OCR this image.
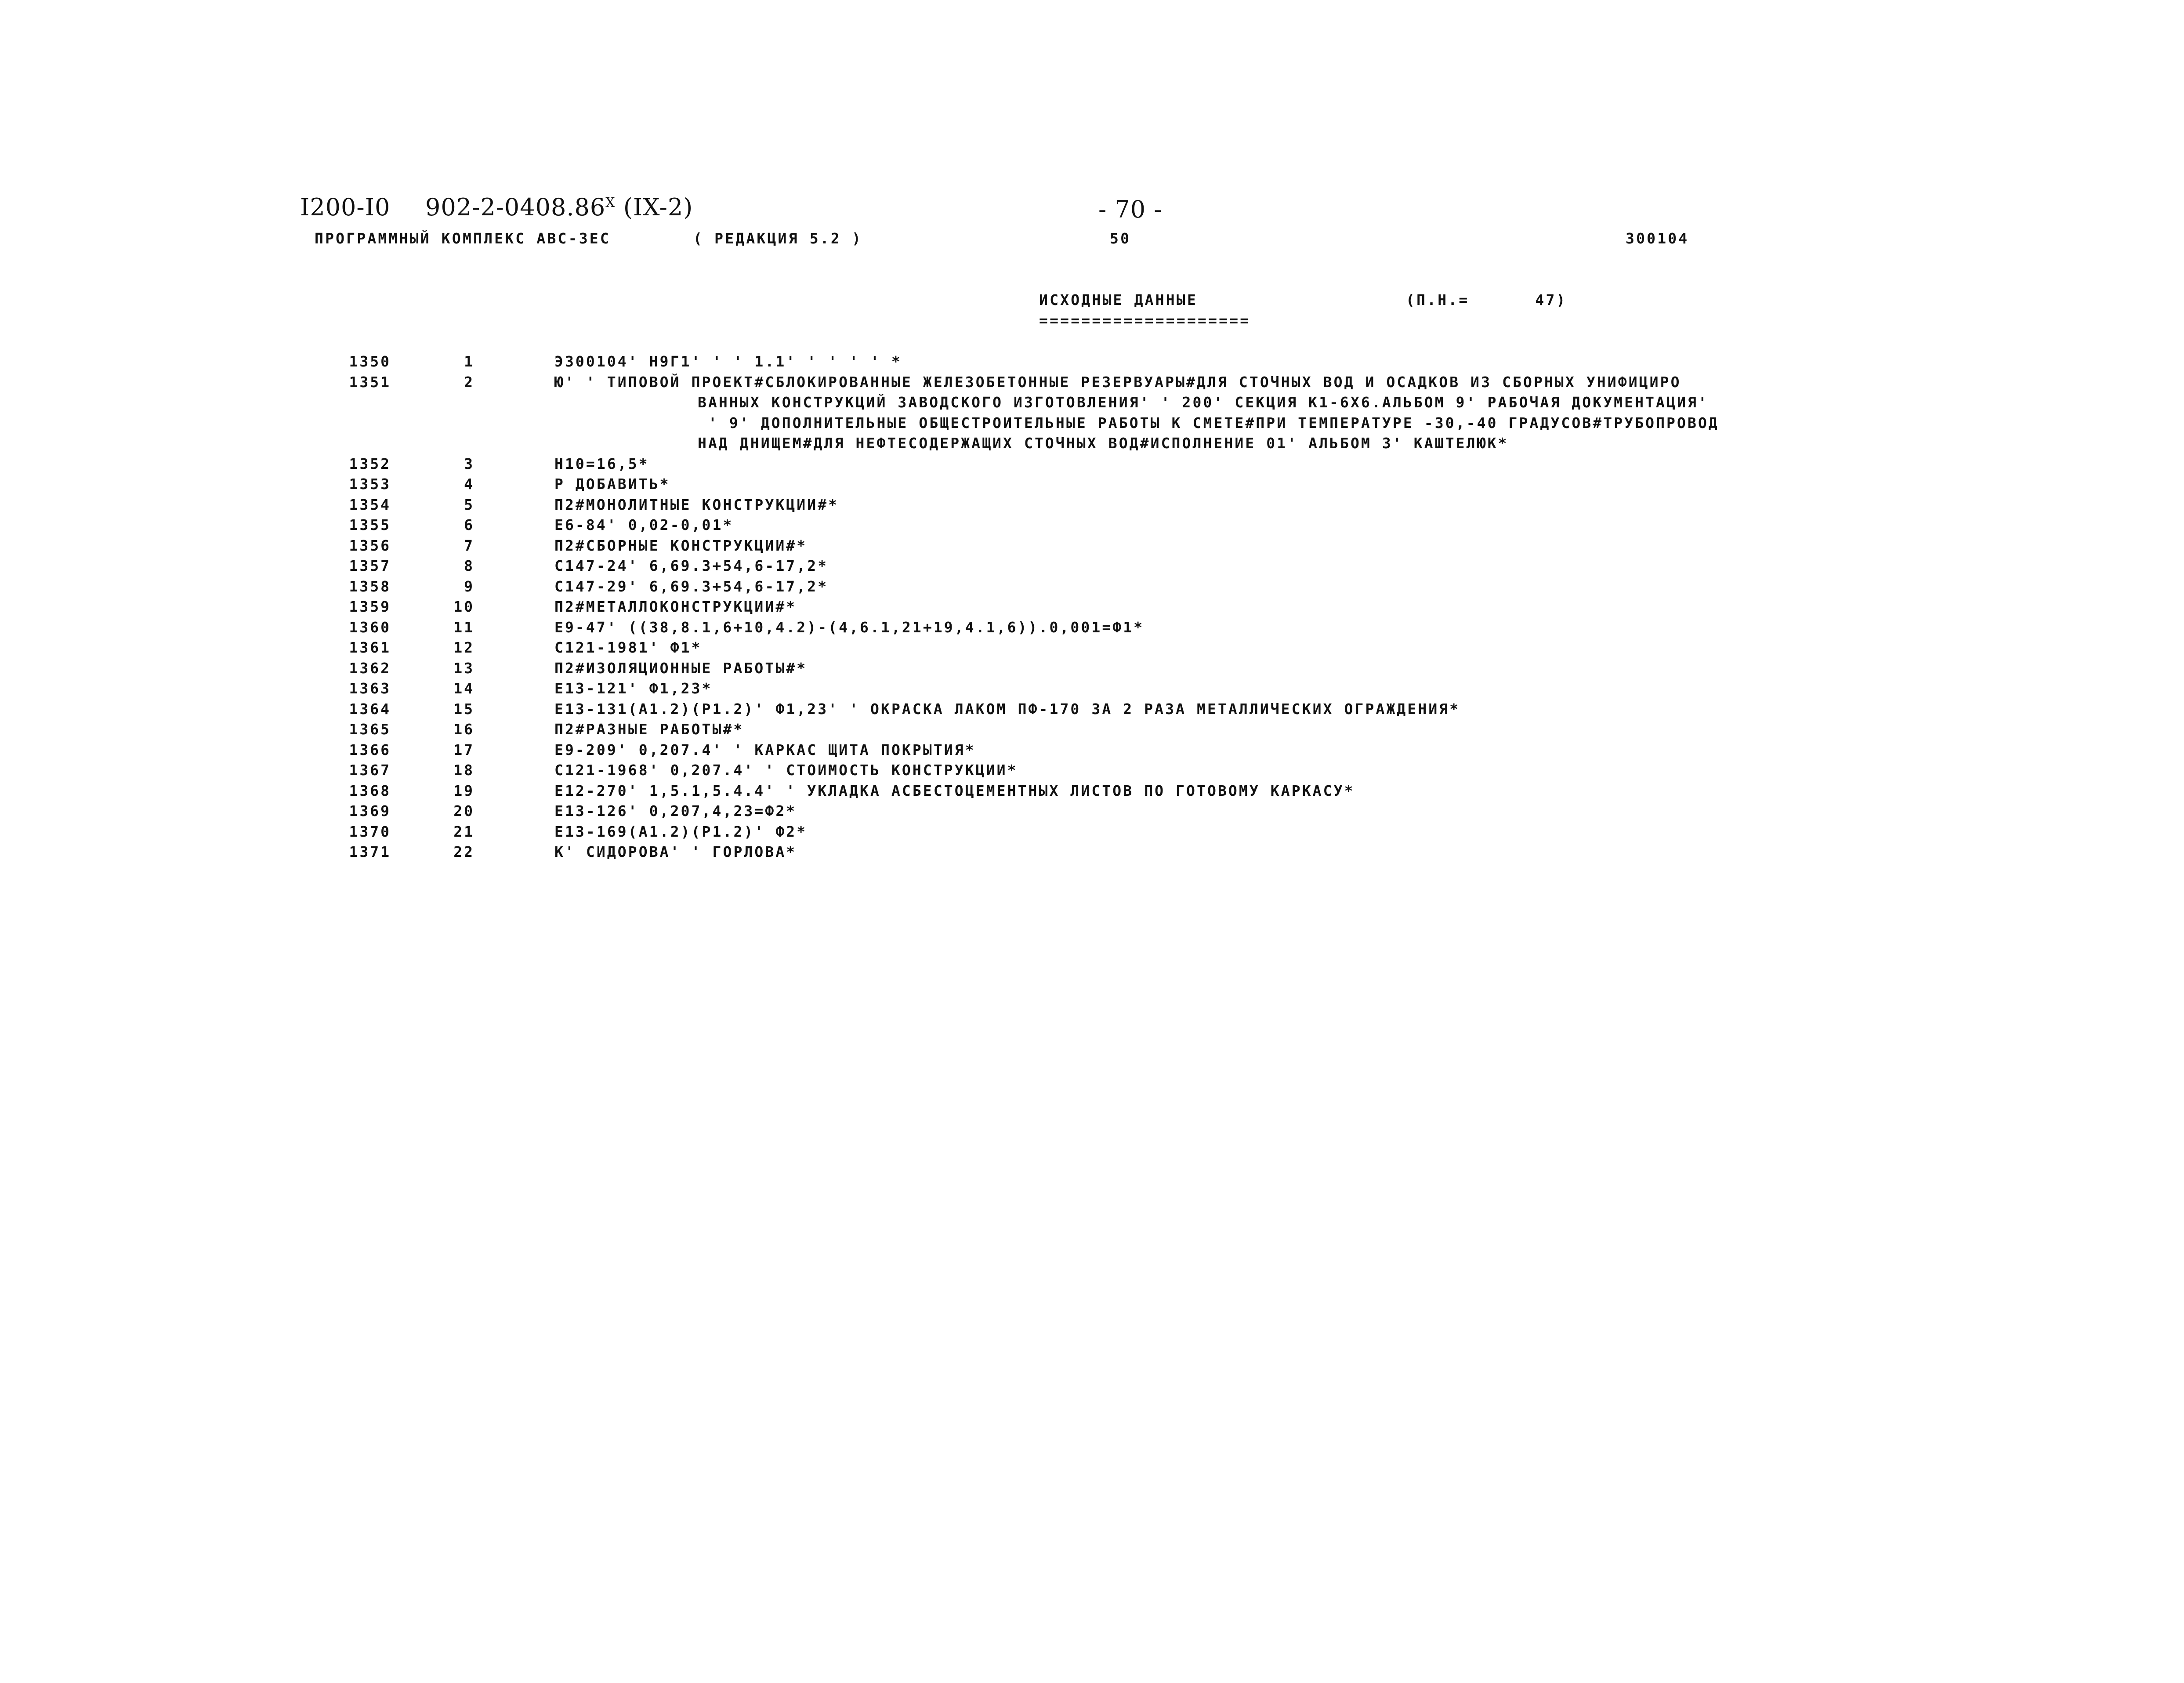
I200-I0 $902-2-0408.86^X$ (IX-2)	- 70 -
ПРОГРАММНЫЙ КОМПЛЕКС АВС-3ЕС	( РЕДАКЦИЯ 5.2 )	50	300104
ИСХОДНЫЕ ДАННЫЕ
====================
(П.Н.=	47)
1350	1	Э300104' Н9Г1' ' ' 1.1' ' ' ' ' *
1351	2	Ю' ' ТИПОВОЙ ПРОЕКТ#СБЛОКИРОВАННЫЕ ЖЕЛЕЗОБЕТОННЫЕ РЕЗЕРВУАРЫ#ДЛЯ СТОЧНЫХ ВОД И ОСАДКОВ ИЗ СБОРНЫХ УНИФИЦИРО
ВАННЫХ КОНСТРУКЦИЙ ЗАВОДСКОГО ИЗГОТОВЛЕНИЯ' ' 200' СЕКЦИЯ К1-6Х6.АЛЬБОМ 9' РАБОЧАЯ ДОКУМЕНТАЦИЯ'
' 9' ДОПОЛНИТЕЛЬНЫЕ ОБЩЕСТРОИТЕЛЬНЫЕ РАБОТЫ К СМЕТЕ#ПРИ ТЕМПЕРАТУРЕ -30,-40 ГРАДУСОВ#ТРУБОПРОВОД
НАД ДНИЩЕМ#ДЛЯ НЕФТЕСОДЕРЖАЩИХ СТОЧНЫХ ВОД#ИСПОЛНЕНИЕ 01' АЛЬБОМ 3' КАШТЕЛЮК*
1352	3	Н10=16,5*
1353	4	Р ДОБАВИТЬ*
1354	5	П2#МОНОЛИТНЫЕ КОНСТРУКЦИИ#*
1355	6	Е6-84' 0,02-0,01*
1356	7	П2#СБОРНЫЕ КОНСТРУКЦИИ#*
1357	8	С147-24' 6,69.3+54,6-17,2*
1358	9	С147-29' 6,69.3+54,6-17,2*
1359	10	П2#МЕТАЛЛОКОНСТРУКЦИИ#*
1360	11	Е9-47' ((38,8.1,6+10,4.2)-(4,6.1,21+19,4.1,6)).0,001=Ф1*
1361	12	С121-1981' Ф1*
1362	13	П2#ИЗОЛЯЦИОННЫЕ РАБОТЫ#*
1363	14	Е13-121' Ф1,23*
1364	15	Е13-131(А1.2)(Р1.2)' Ф1,23' ' ОКРАСКА ЛАКОМ ПФ-170 ЗА 2 РАЗА МЕТАЛЛИЧЕСКИХ ОГРАЖДЕНИЯ*
1365	16	П2#РАЗНЫЕ РАБОТЫ#*
1366	17	Е9-209' 0,207.4' ' КАРКАС ЩИТА ПОКРЫТИЯ*
1367	18	С121-1968' 0,207.4' ' СТОИМОСТЬ КОНСТРУКЦИИ*
1368	19	Е12-270' 1,5.1,5.4.4' ' УКЛАДКА АСБЕСТОЦЕМЕНТНЫХ ЛИСТОВ ПО ГОТОВОМУ КАРКАСУ*
1369	20	Е13-126' 0,207,4,23=Ф2*
1370	21	Е13-169(А1.2)(Р1.2)' Ф2*
1371	22	К' СИДОРОВА' ' ГОРЛОВА*
